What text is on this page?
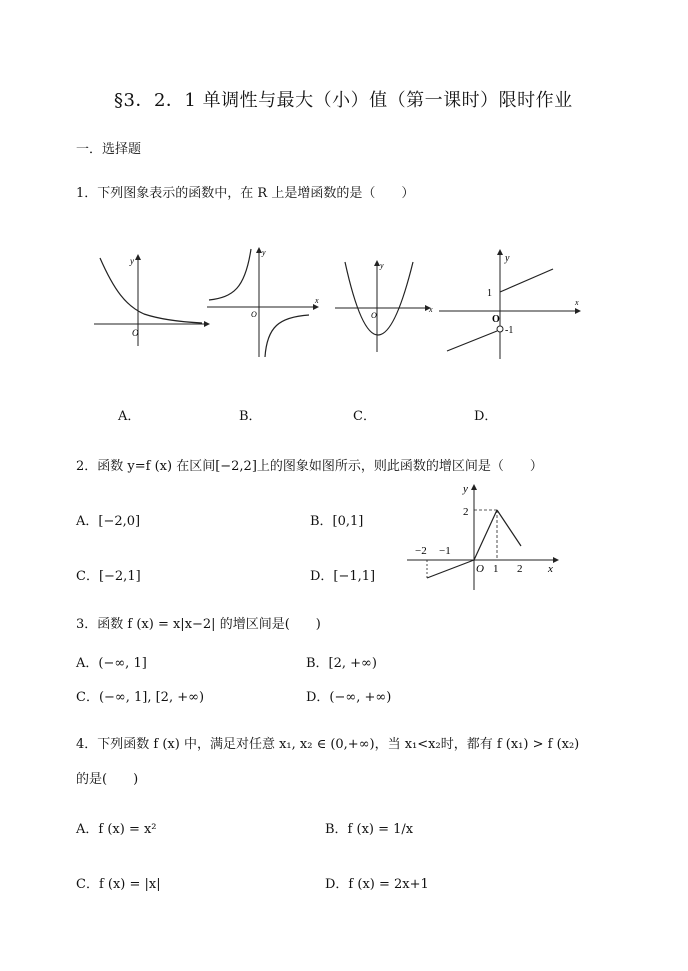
§3．2．1 单调性与最大（小）值（第一课时）限时作业
一．选择题
1．下列图象表示的函数中，在 R 上是增函数的是（　　）
y
O
y
x
O
y
x
O
y
x
1
O
-1
A．	B．	C．	D．
2．函数 y=f (x) 在区间[−2,2]上的图象如图所示，则此函数的增区间是（　　）
A．[−2,0]	B．[0,1]
C．[−2,1]	D．[−1,1]
y
x
2
−2 −1
O 1 2
3．函数 f (x) = x|x−2| 的增区间是(　　)
A．(−∞, 1]	B．[2, +∞)
C．(−∞, 1], [2, +∞)	D．(−∞, +∞)
4．下列函数 f (x) 中，满足对任意 x₁, x₂ ∈ (0,+∞)，当 x₁<x₂时，都有 f (x₁) > f (x₂)
的是(　　)
A．f (x) = x²	B．f (x) = 1/x
C．f (x) = |x|	D．f (x) = 2x+1
